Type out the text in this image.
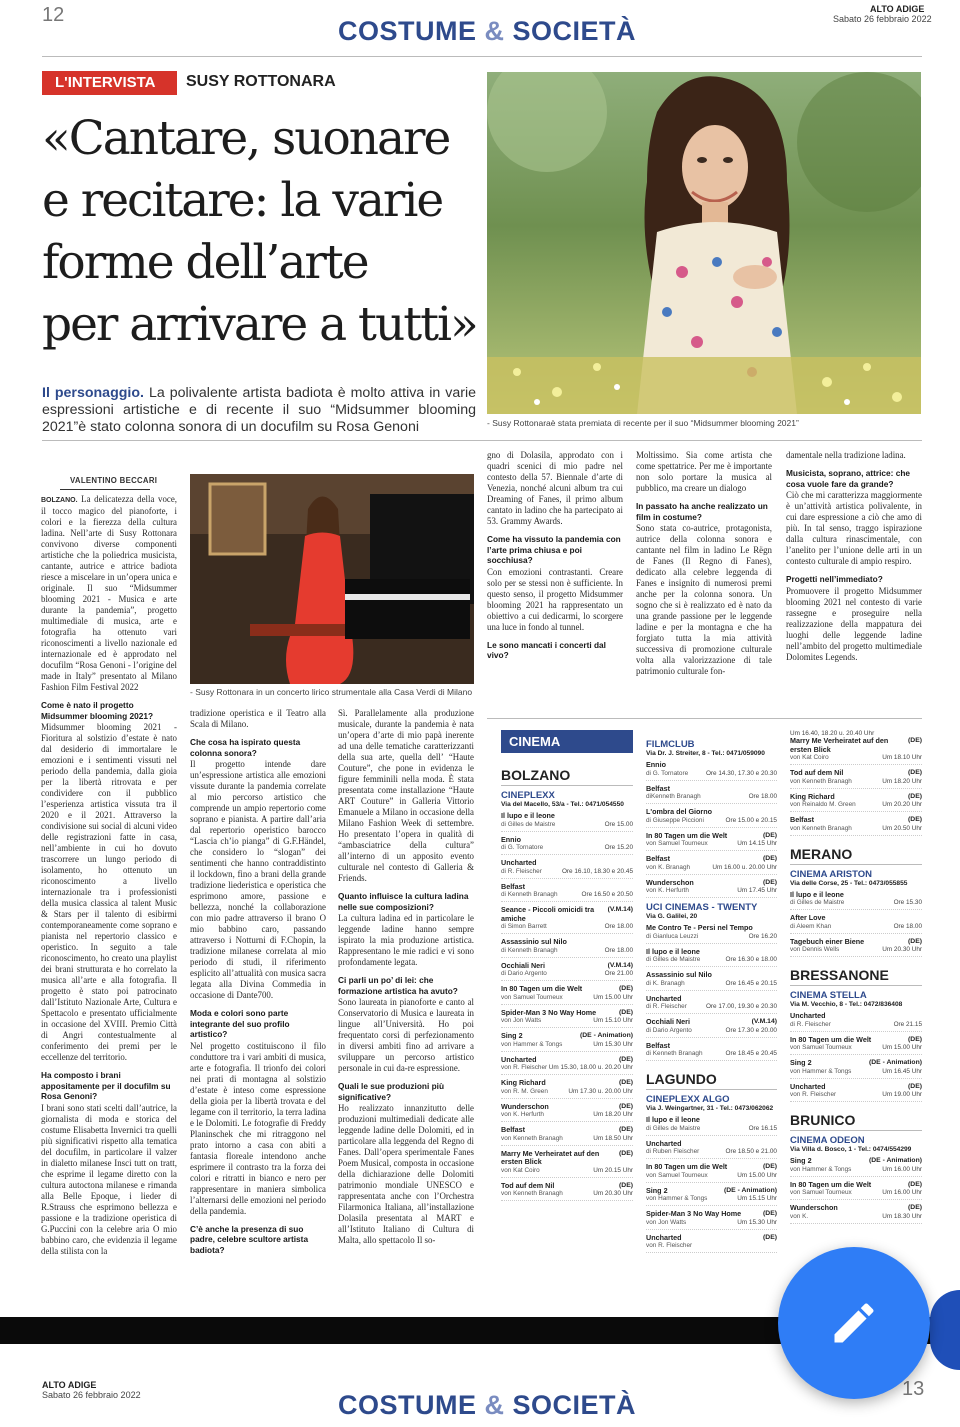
12
COSTUME & SOCIETÀ
ALTO ADIGE
Sabato 26 febbraio 2022
L'INTERVISTA	SUSY ROTTONARA
«Cantare, suonare
e recitare: la varie
forme dell’arte
per arrivare a tutti»
Il personaggio. La polivalente artista badiota è molto attiva in varie espressioni artistiche e di recente il suo “Midsummer blooming 2021”è stato colonna sonora di un docufilm su Rosa Genoni	- Susy Rottonaraè stata premiata di recente per il suo “Midsummer blooming 2021”
VALENTINO BECCARI
- Susy Rottonara in un concerto lirico strumentale alla Casa Verdi di Milano

BOLZANO. La delicatezza della voce, il tocco magico del pianoforte, i colori e la fierezza della cultura ladina. Nell’arte di Susy Rottonara convivono diverse componenti artistiche che la poliedrica musicista, cantante, autrice e attrice badiota riesce a miscelare in un’opera unica e originale. Il suo “Midsummer blooming 2021 - Musica e arte durante la pandemia”, progetto multimediale di musica, arte e fotografia ha ottenuto vari riconoscimenti a livello nazionale ed internazionale ed è approdato nel docufilm “Rosa Genoni - l’origine del made in Italy” presentato al Milano Fashion Film Festival 2022

Come è nato il progetto Midsummer blooming 2021?

Midsummer blooming 2021 - Fioritura al solstizio d’estate è nato dal desiderio di immortalare le emozioni e i sentimenti vissuti nel periodo della pandemia, dalla gioia per la libertà ritrovata e per condividere con il pubblico l’esperienza artistica vissuta tra il 2020 e il 2021. Attraverso la condivisione sui social di alcuni video delle registrazioni fatte in casa, nell’ambiente in cui ho dovuto trascorrere un lungo periodo di isolamento, ho ottenuto un riconoscimento a livello internazionale tra i professionisti della musica classica al talent Music & Stars per il talento di esibirmi contemporaneamente come soprano e pianista nel repertorio classico e operistico. In seguito a tale riconoscimento, ho creato una playlist dei brani strutturata e ho correlato la musica all’arte e alla fotografia. Il progetto è stato poi patrocinato dall’Istituto Nazionale Arte, Cultura e Spettacolo e presentato ufficialmente in occasione del XVIII. Premio Città di Angri contestualmente al conferimento dei premi per le eccellenze del territorio.

Ha composto i brani appositamente per il docufilm su Rosa Genoni?

I brani sono stati scelti dall’autrice, la giornalista di moda e storica del costume Elisabetta Invernici tra quelli più significativi rispetto alla tematica del docufilm, in particolare il valzer in dialetto milanese Insci tutt on tratt, che esprime il legame diretto con la cultura autoctona milanese e rimanda alla Belle Epoque, i lieder di R.Strauss che esprimono bellezza e passione e la tradizione operistica di G.Puccini con la celebre aria O mio babbino caro, che evidenzia il legame della stilista con la

tradizione operistica e il Teatro alla Scala di Milano.

Che cosa ha ispirato questa colonna sonora?

Il progetto intende dare un’espressione artistica alle emozioni vissute durante la pandemia correlate al mio percorso artistico che comprende un ampio repertorio come soprano e pianista. A partire dall’aria dal repertorio operistico barocco “Lascia ch’io pianga” di G.F.Händel, che considero lo “slogan” dei sentimenti che hanno contraddistinto il lockdown, fino a brani della grande tradizione liederistica e operistica che esprimono amore, passione e bellezza, nonché la collaborazione con mio padre attraverso il brano O mio babbino caro, passando attraverso i Notturni di F.Chopin, la tradizione milanese correlata al mio periodo di studi, il riferimento esplicito all’attualità con musica sacra legata alla Divina Commedia in occasione di Dante700.

Moda e colori sono parte integrante del suo profilo artistico?

Nel progetto costituiscono il filo conduttore tra i vari ambiti di musica, arte e fotografia. Il trionfo dei colori nei prati di montagna al solstizio d’estate è inteso come espressione della gioia per la libertà trovata e del legame con il territorio, la terra ladina e le Dolomiti. Le fotografie di Freddy Planinschek che mi ritraggono nel prato intorno a casa con abiti a fantasia floreale intendono anche esprimere il contrasto tra la forza dei colori e ritratti in bianco e nero per rappresentare in maniera simbolica l’alternarsi delle emozioni nel periodo della pandemia.

C’è anche la presenza di suo padre, celebre scultore artista badiota?

Sì. Parallelamente alla produzione musicale, durante la pandemia è nata un’opera d’arte di mio papà inerente ad una delle tematiche caratterizzanti della sua arte, quella dell’ “Haute Couture”, che pone in evidenza le figure femminili nella moda. È stata presentata come installazione “Haute ART Couture” in Galleria Vittorio Emanuele a Milano in occasione della Milano Fashion Week di settembre. Ho presentato l’opera in qualità di “ambasciatrice della cultura” all’interno di un apposito evento culturale nel contesto di Galleria & Friends.

Quanto influisce la cultura ladina nelle sue composizioni?

La cultura ladina ed in particolare le leggende ladine hanno sempre ispirato la mia produzione artistica. Rappresentano le mie radici e vi sono profondamente legata.

Ci parli un po’ di lei: che formazione artistica ha avuto?

Sono laureata in pianoforte e canto al Conservatorio di Musica e laureata in lingue all’Università. Ho poi frequentato corsi di perfezionamento in diversi ambiti fino ad arrivare a sviluppare un percorso artistico personale in cui da-re espressione.

Quali le sue produzioni più significative?

Ho realizzato innanzitutto delle produzioni multimediali dedicate alle leggende ladine delle Dolomiti, ed in particolare alla leggenda del Regno di Fanes. Dall’opera sperimentale Fanes Poem Musical, composta in occasione della dichiarazione delle Dolomiti patrimonio mondiale UNESCO e rappresentata anche con l’Orchestra Filarmonica Italiana, all’installazione Dolasila presentata al MART e all’Istituto Italiano di Cultura di Malta, allo spettacolo Il so-

gno di Dolasila, approdato con i quadri scenici di mio padre nel contesto della 57. Biennale d’arte di Venezia, nonché alcuni album tra cui Dreaming of Fanes, il primo album cantato in ladino che ha partecipato ai 53. Grammy Awards.

Come ha vissuto la pandemia con l’arte prima chiusa e poi socchiusa?

Con emozioni contrastanti. Creare solo per se stessi non è sufficiente. In questo senso, il progetto Midsummer blooming 2021 ha rappresentato un obiettivo a cui dedicarmi, lo scorgere una luce in fondo al tunnel.

Le sono mancati i concerti dal vivo?

Moltissimo. Sia come artista che come spettatrice. Per me è importante non solo portare la musica al pubblico, ma creare un dialogo

In passato ha anche realizzato un film in costume?

Sono stata co-autrice, protagonista, autrice della colonna sonora e cantante nel film in ladino Le Rëgn de Fanes (Il Regno di Fanes), dedicato alla celebre leggenda di Fanes e insignito di numerosi premi anche per la colonna sonora. Un sogno che si è realizzato ed è nato da una grande passione per le leggende ladine e per la montagna e che ha forgiato tutta la mia attività successiva di promozione culturale volta alla valorizzazione di tale patrimonio culturale fon-

damentale nella tradizione ladina.

Musicista, soprano, attrice: che cosa vuole fare da grande?

Ciò che mi caratterizza maggiormente è un’attività artistica polivalente, in cui dare espressione a ciò che amo di più. In tal senso, traggo ispirazione dalla cultura rinascimentale, con l’anelito per l’unione delle arti in un contesto culturale di ampio respiro.

Progetti nell’immediato?

Promuovere il progetto Midsummer blooming 2021 nel contesto di varie rassegne e proseguire nella realizzazione della mappatura dei luoghi delle leggende ladine nell’ambito del progetto multimediale Dolomites Legends.

CINEMA
BOLZANO
CINEPLEXX
Via del Macello, 53/a - Tel.: 0471/054550
Il lupo e il leone
di Gilles de Maistre	Ore 15.00
Ennio
di G. Tornatore	Ore 15.20
Uncharted
di R. Fleischer	Ore 16.10, 18.30 e 20.45
Belfast
di Kenneth Branagh	Ore 16.50 e 20.50
Seance - Piccoli omicidi tra amiche
(V.M.14)
di Simon Barrett	Ore 18.00
Assassinio sul Nilo
di Kenneth Branagh	Ore 18.00
Occhiali Neri	(V.M.14)
di Dario Argento	Ore 21.00
In 80 Tagen um die Welt	(DE)
von Samuel Tourneux	Um 15.00 Uhr
Spider-Man 3 No Way Home	(DE)
von Jon Watts	Um 15.10 Uhr
Sing 2	(DE - Animation)
von Hammer & Tongs	Um 15.30 Uhr
Uncharted	(DE)
von R. Fleischer Um 15.30, 18.00 u. 20.20 Uhr
King Richard	(DE)
von R. M. Green	Um 17.30 u. 20.00 Uhr
Wunderschon	(DE)
von K. Herfurth	Um 18.20 Uhr
Belfast	(DE)
von Kenneth Branagh	Um 18.50 Uhr
Marry Me Verheiratet auf den ersten Blick
(DE)
von Kat Coiro	Um 20.15 Uhr
Tod auf dem Nil	(DE)
von Kenneth Branagh	Um 20.30 Uhr
FILMCLUB
Via Dr. J. Streiter, 8 - Tel.: 0471/059090
Ennio
di G. Tornatore	Ore 14.30, 17.30 e 20.30
Belfast
diKenneth Branagh	Ore 18.00
L'ombra del Giorno
di Giuseppe Piccioni	Ore 15.00 e 20.15
In 80 Tagen um die Welt	(DE)
von Samuel Tourneux	Um 14.15 Uhr
Belfast	(DE)
von K. Branagh	Um 16.00 u. 20.00 Uhr
Wunderschon	(DE)
von K. Herfurth	Um 17.45 Uhr
UCI CINEMAS - TWENTY
Via G. Galilei, 20
Me Contro Te - Persi nel Tempo
di Gianluca Leuzzi	Ore 16.20
Il lupo e il leone
di Gilles de Maistre	Ore 16.30 e 18.00
Assassinio sul Nilo
di K. Branagh	Ore 16.45 e 20.15
Uncharted
di R. Fleischer	Ore 17.00, 19.30 e 20.30
Occhiali Neri	(V.M.14)
di Dario Argento	Ore 17.30 e 20.00
Belfast
di Kenneth Branagh	Ore 18.45 e 20.45
LAGUNDO
CINEPLEXX ALGO
Via J. Weingartner, 31 - Tel.: 0473/062062
Il lupo e il leone
di Gilles de Maistre	Ore 16.15
Uncharted
di Ruben Fleischer	Ore 18.50 e 21.00
In 80 Tagen um die Welt	(DE)
von Samuel Tourneux	Um 15.00 Uhr
Sing 2	(DE - Animation)
von Hammer & Tongs	Um 15.15 Uhr
Spider-Man 3 No Way Home	(DE)
von Jon Watts	Um 15.30 Uhr
Uncharted	(DE)
von R. Fleischer
Um 16.40, 18.20 u. 20.40 Uhr
Marry Me Verheiratet auf den ersten Blick
(DE)
von Kat Coiro	Um 18.10 Uhr
Tod auf dem Nil	(DE)
von Kenneth Branagh	Um 18.20 Uhr
King Richard	(DE)
von Reinaldo M. Green	Um 20.20 Uhr
Belfast	(DE)
von Kenneth Branagh	Um 20.50 Uhr
MERANO
CINEMA ARISTON
Via delle Corse, 25 - Tel.: 0473/055855
Il lupo e il leone
di Gilles de Maistre	Ore 15.30
After Love
di Aleem Khan	Ore 18.00
Tagebuch einer Biene	(DE)
von Dennis Wells	Um 20.30 Uhr
BRESSANONE
CINEMA STELLA
Via M. Vecchio, 8 - Tel.: 0472/836408
Uncharted
di R. Fleischer	Ore 21.15
In 80 Tagen um die Welt	(DE)
von Samuel Tourneux	Um 15.00 Uhr
Sing 2	(DE - Animation)
von Hammer & Tongs	Um 16.45 Uhr
Uncharted	(DE)
von R. Fleischer	Um 19.00 Uhr
BRUNICO
CINEMA ODEON
Via Villa d. Bosco, 1 - Tel.: 0474/554299
Sing 2	(DE - Animation)
von Hammer & Tongs	Um 16.00 Uhr
In 80 Tagen um die Welt	(DE)
von Samuel Tourneux	Um 16.00 Uhr
Wunderschon	(DE)
von K.	Um 18.30 Uhr
ALTO ADIGE
Sabato 26 febbraio 2022	COSTUME & SOCIETÀ
13
